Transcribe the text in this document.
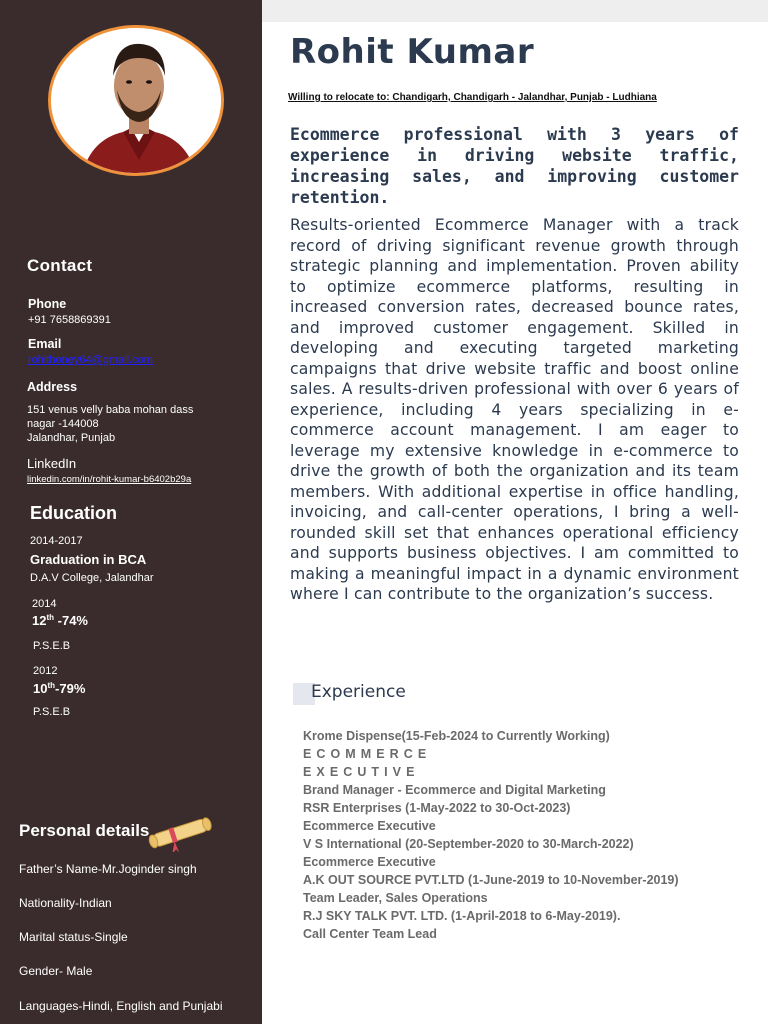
Contact
Phone
+91 7658869391
Email
rohithoney64@gmail.com
Address
151 venus velly baba mohan dass
nagar -144008
Jalandhar, Punjab
LinkedIn
linkedin.com/in/rohit-kumar-b6402b29a
Education
2014-2017
Graduation in BCA
D.A.V College, Jalandhar
2014
12th -74%
P.S.E.B
2012
10th-79%
P.S.E.B
Personal details
Father’s Name-Mr.Joginder singh
Nationality-Indian
Marital status-Single
Gender- Male
Languages-Hindi, English and Punjabi
Rohit Kumar
Willing to relocate to: Chandigarh, Chandigarh - Jalandhar, Punjab - Ludhiana
Ecommerce professional with 3 years of experience in driving website traffic, increasing sales, and improving customer retention.
Results-oriented Ecommerce Manager with a track record of driving significant revenue growth through strategic planning and implementation. Proven ability to optimize ecommerce platforms, resulting in increased conversion rates, decreased bounce rates, and improved customer engagement. Skilled in developing and executing targeted marketing campaigns that drive website traffic and boost online sales. A results-driven professional with over 6 years of experience, including 4 years specializing in e-commerce account management. I am eager to leverage my extensive knowledge in e-commerce to drive the growth of both the organization and its team members. With additional expertise in office handling, invoicing, and call-center operations, I bring a well-rounded skill set that enhances operational efficiency and supports business objectives. I am committed to making a meaningful impact in a dynamic environment where I can contribute to the organization’s success.
Experience
Krome Dispense(15-Feb-2024 to Currently Working)
E C O M M E R C E
E X E C U T I V E
Brand Manager - Ecommerce and Digital Marketing
RSR Enterprises (1-May-2022 to 30-Oct-2023)
Ecommerce Executive
V S International (20-September-2020 to 30-March-2022)
Ecommerce Executive
A.K OUT SOURCE PVT.LTD (1-June-2019 to 10-November-2019)
Team Leader, Sales Operations
R.J SKY TALK PVT. LTD. (1-April-2018 to 6-May-2019).
Call Center Team Lead
